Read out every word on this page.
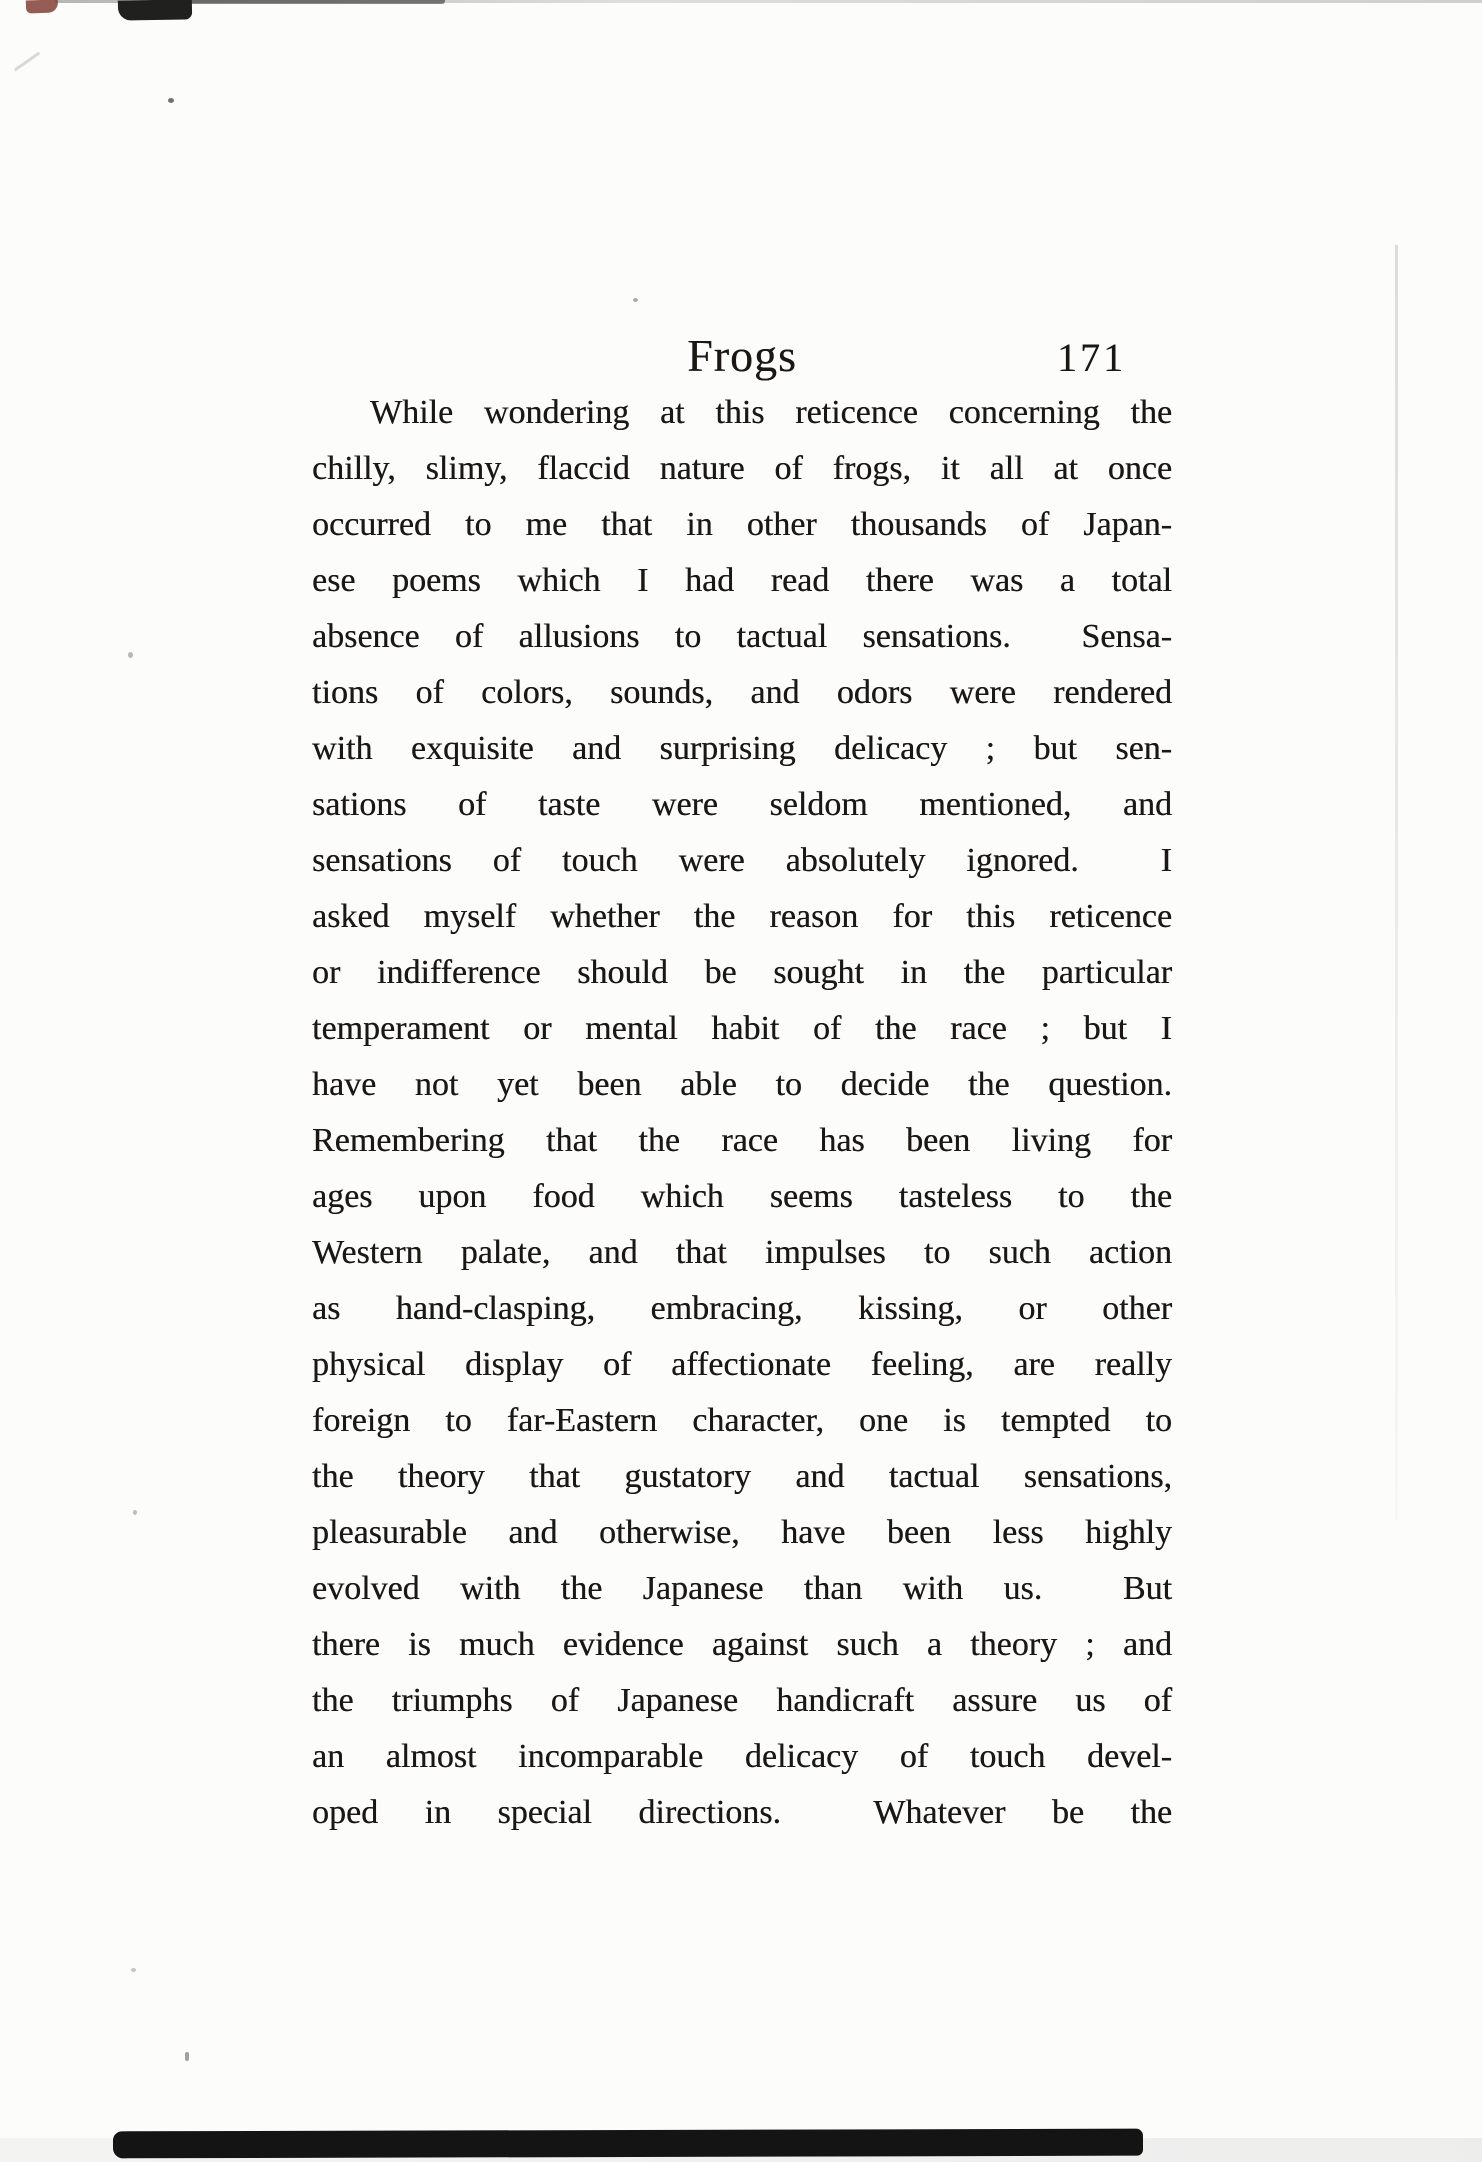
Frogs	171
While wondering at this reticence concerning the
chilly, slimy, flaccid nature of frogs, it all at once
occurred to me that in other thousands of Japan-
ese poems which I had read there was a total
absence of allusions to tactual sensations.  Sensa-
tions of colors, sounds, and odors were rendered
with exquisite and surprising delicacy ; but sen-
sations of taste were seldom mentioned, and
sensations of touch were absolutely ignored.  I
asked myself whether the reason for this reticence
or indifference should be sought in the particular
temperament or mental habit of the race ; but I
have not yet been able to decide the question.
Remembering that the race has been living for
ages upon food which seems tasteless to the
Western palate, and that impulses to such action
as hand-clasping, embracing, kissing, or other
physical display of affectionate feeling, are really
foreign to far-Eastern character, one is tempted to
the theory that gustatory and tactual sensations,
pleasurable and otherwise, have been less highly
evolved with the Japanese than with us.  But
there is much evidence against such a theory ; and
the triumphs of Japanese handicraft assure us of
an almost incomparable delicacy of touch devel-
oped in special directions.  Whatever be the
